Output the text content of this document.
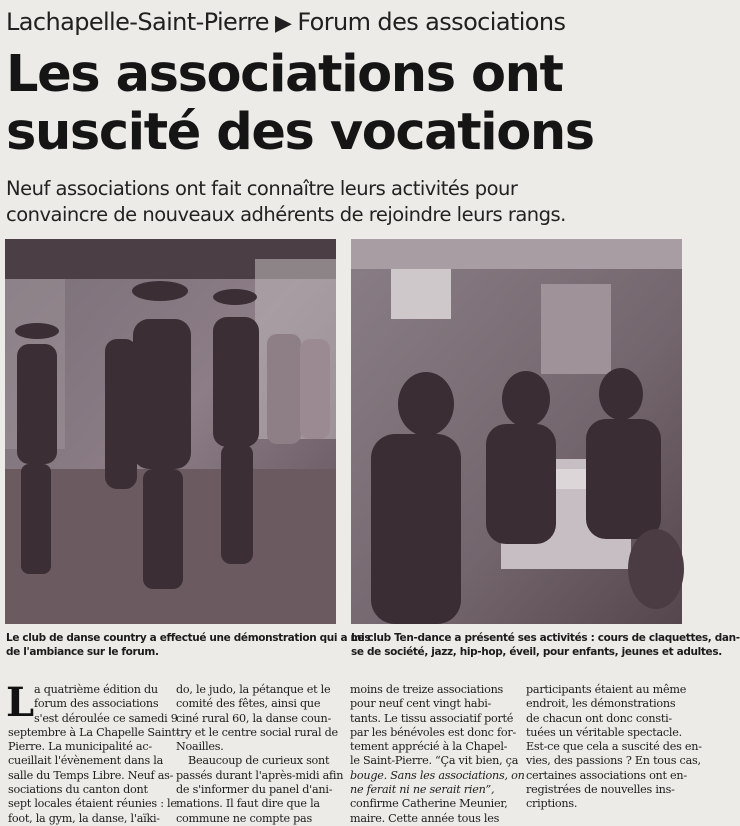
Lachapelle-Saint-Pierre ▶ Forum des associations
Les associations ont
suscité des vocations
Neuf associations ont fait connaître leurs activités pour
convaincre de nouveaux adhérents de rejoindre leurs rangs.
Le club de danse country a effectué une démonstration qui a mis
de l'ambiance sur le forum.
Le club Ten-dance a présenté ses activités : cours de claquettes, dan-
se de société, jazz, hip-hop, éveil, pour enfants, jeunes et adultes.
L a quatrième édition du
forum des associations
s'est déroulée ce samedi 9
septembre à La Chapelle Saint-
Pierre. La municipalité ac-
cueillait l'évènement dans la
salle du Temps Libre. Neuf as-
sociations du canton dont
sept locales étaient réunies : le
foot, la gym, la danse, l'aïki-
do, le judo, la pétanque et le
comité des fêtes, ainsi que
ciné rural 60, la danse coun-
try et le centre social rural de
Noailles.
Beaucoup de curieux sont
passés durant l'après-midi afin
de s'informer du panel d'ani-
mations. Il faut dire que la
commune ne compte pas
moins de treize associations
pour neuf cent vingt habi-
tants. Le tissu associatif porté
par les bénévoles est donc for-
tement apprécié à la Chapel-
le Saint-Pierre. “Ça vit bien, ça
bouge. Sans les associations, on
ne ferait ni ne serait rien”,
confirme Catherine Meunier,
maire. Cette année tous les
participants étaient au même
endroit, les démonstrations
de chacun ont donc consti-
tuées un véritable spectacle.
Est-ce que cela a suscité des en-
vies, des passions ? En tous cas,
certaines associations ont en-
registrées de nouvelles ins-
criptions.
